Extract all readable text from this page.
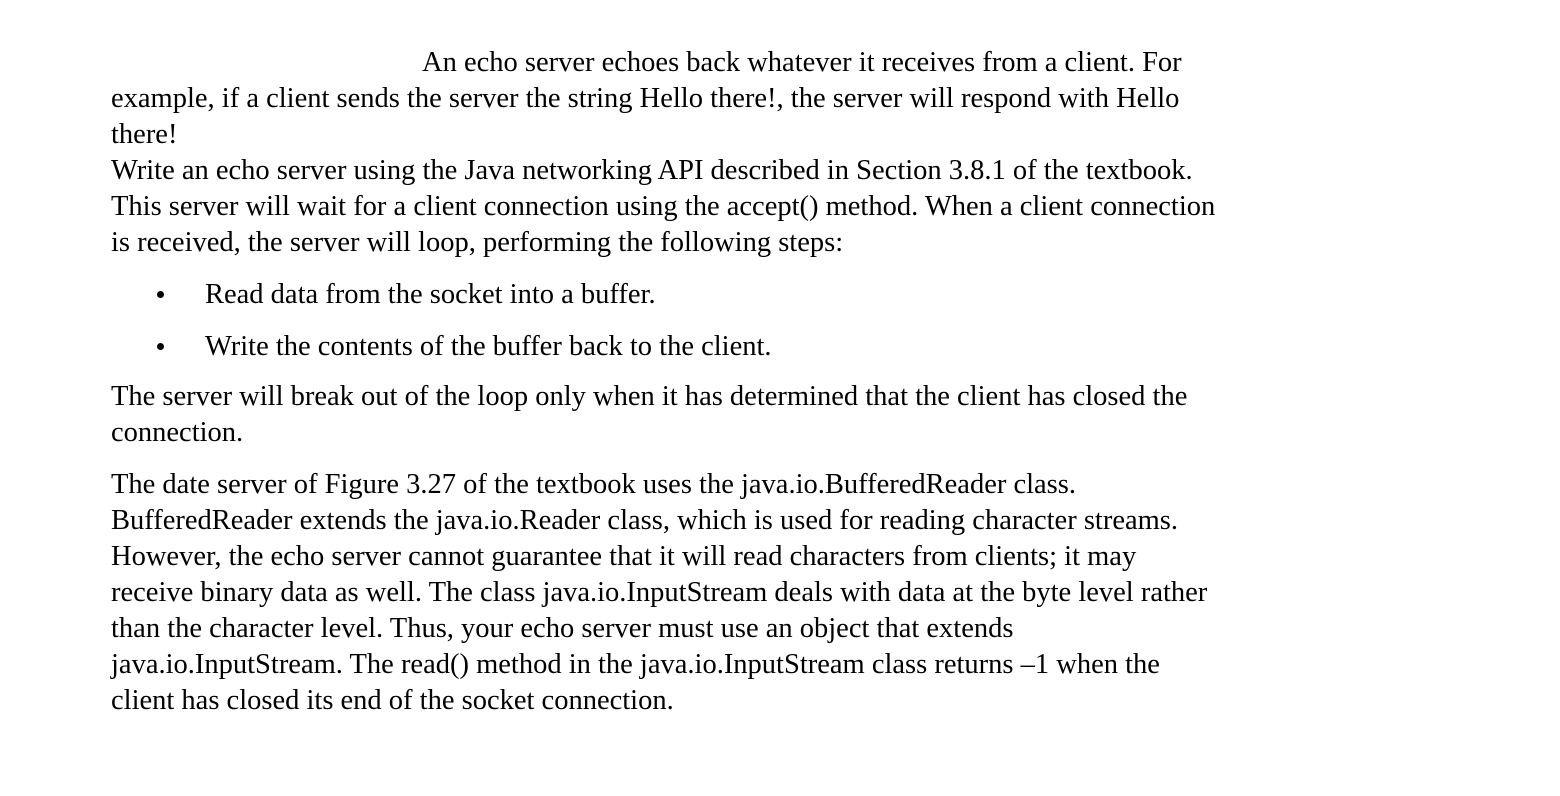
An echo server echoes back whatever it receives from a client. For
example, if a client sends the server the string Hello there!, the server will respond with Hello
there!

Write an echo server using the Java networking API described in Section 3.8.1 of the textbook.
This server will wait for a client connection using the accept() method. When a client connection
is received, the server will loop, performing the following steps:

Read data from the socket into a buffer.
Write the contents of the buffer back to the client.

The server will break out of the loop only when it has determined that the client has closed the
connection.

The date server of Figure 3.27 of the textbook uses the java.io.BufferedReader class.
BufferedReader extends the java.io.Reader class, which is used for reading character streams.
However, the echo server cannot guarantee that it will read characters from clients; it may
receive binary data as well. The class java.io.InputStream deals with data at the byte level rather
than the character level. Thus, your echo server must use an object that extends
java.io.InputStream. The read() method in the java.io.InputStream class returns –1 when the
client has closed its end of the socket connection.
